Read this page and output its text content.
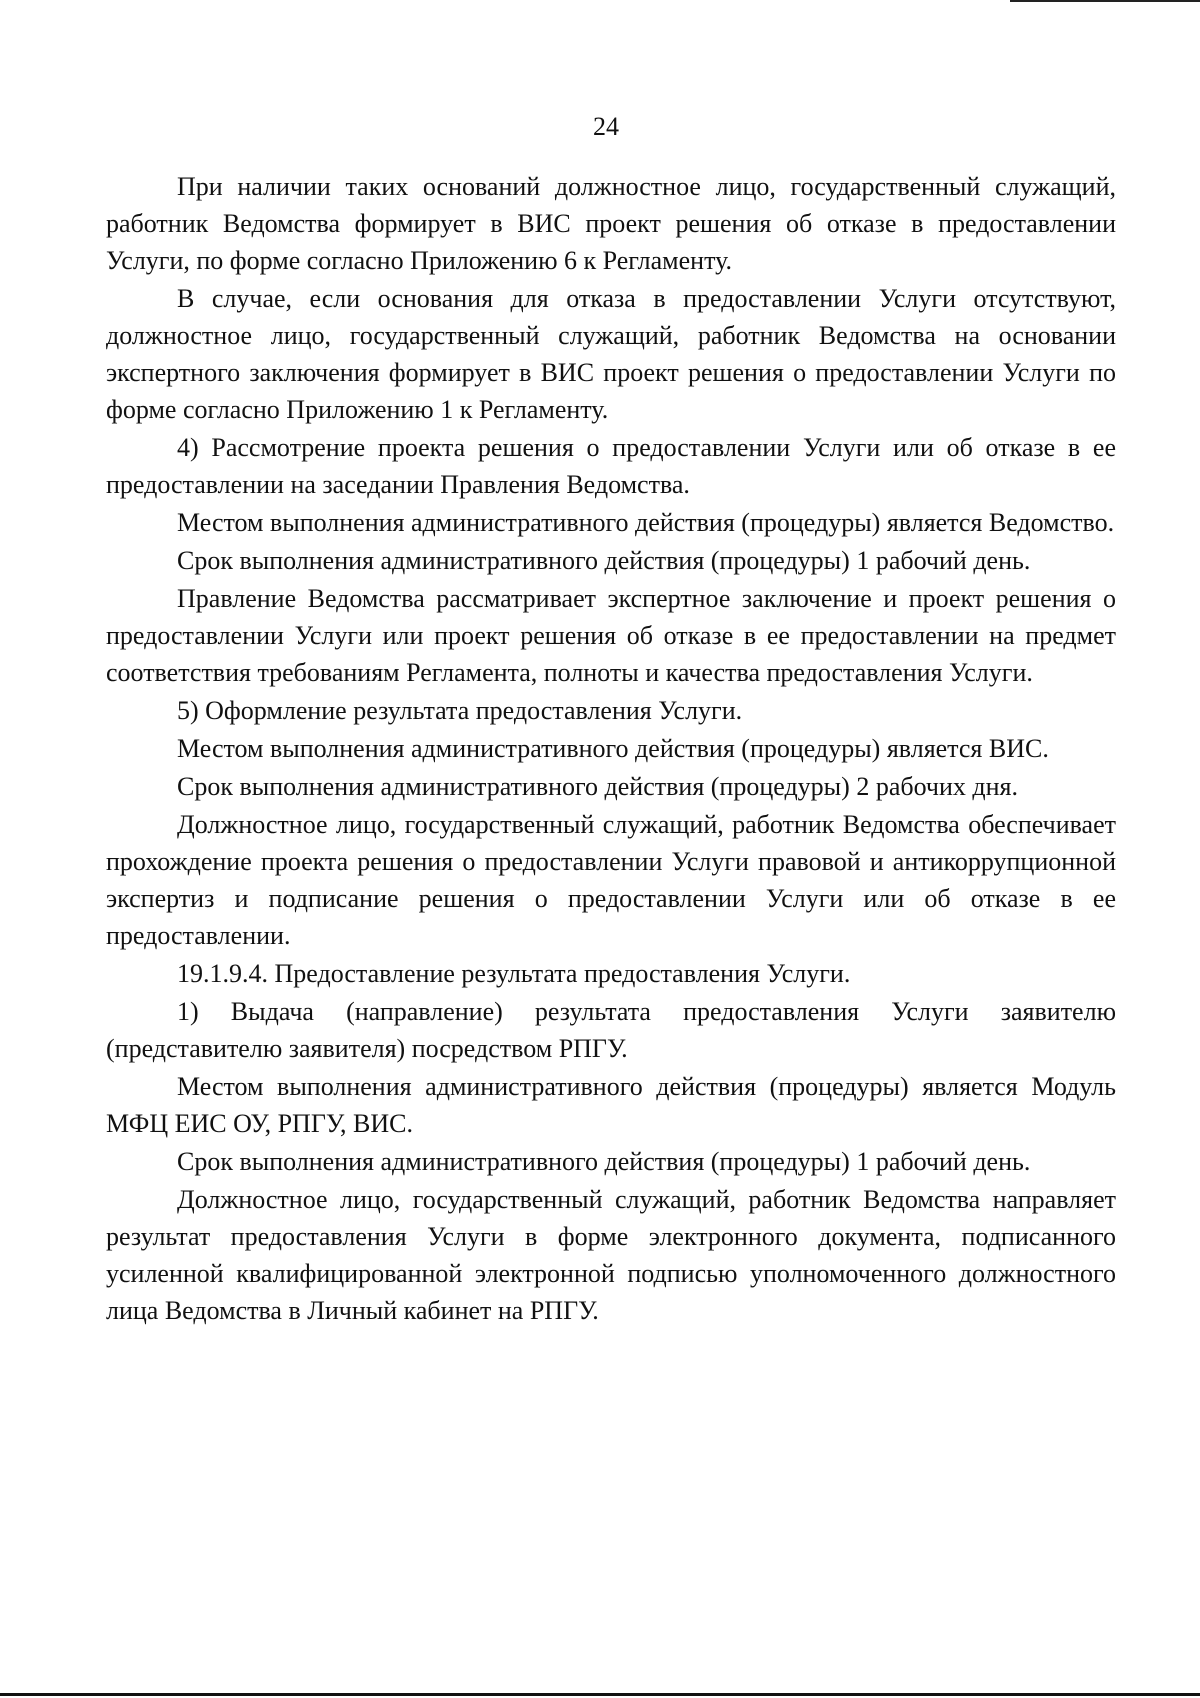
24

При наличии таких оснований должностное лицо, государственный служащий, работник Ведомства формирует в ВИС проект решения об отказе в предоставлении Услуги, по форме согласно Приложению 6 к Регламенту.

В случае, если основания для отказа в предоставлении Услуги отсутствуют, должностное лицо, государственный служащий, работник Ведомства на основании экспертного заключения формирует в ВИС проект решения о предоставлении Услуги по форме согласно Приложению 1 к Регламенту.

4) Рассмотрение проекта решения о предоставлении Услуги или об отказе в ее предоставлении на заседании Правления Ведомства.

Местом выполнения административного действия (процедуры) является Ведомство.

Срок выполнения административного действия (процедуры) 1 рабочий день.

Правление Ведомства рассматривает экспертное заключение и проект решения о предоставлении Услуги или проект решения об отказе в ее предоставлении на предмет соответствия требованиям Регламента, полноты и качества предоставления Услуги.

5) Оформление результата предоставления Услуги.

Местом выполнения административного действия (процедуры) является ВИС.

Срок выполнения административного действия (процедуры) 2 рабочих дня.

Должностное лицо, государственный служащий, работник Ведомства обеспечивает прохождение проекта решения о предоставлении Услуги правовой и антикоррупционной экспертиз и подписание решения о предоставлении Услуги или об отказе в ее предоставлении.

19.1.9.4. Предоставление результата предоставления Услуги.

1) Выдача (направление) результата предоставления Услуги заявителю (представителю заявителя) посредством РПГУ.

Местом выполнения административного действия (процедуры) является Модуль МФЦ ЕИС ОУ, РПГУ, ВИС.

Срок выполнения административного действия (процедуры) 1 рабочий день.

Должностное лицо, государственный служащий, работник Ведомства направляет результат предоставления Услуги в форме электронного документа, подписанного усиленной квалифицированной электронной подписью уполномоченного должностного лица Ведомства в Личный кабинет на РПГУ.
